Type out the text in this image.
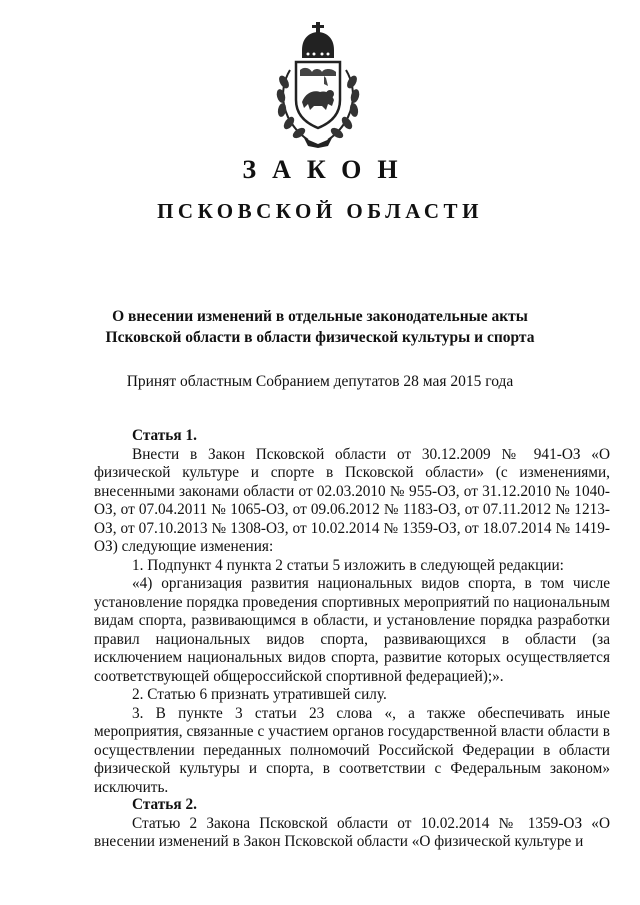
ЗАКОН
ПСКОВСКОЙ ОБЛАСТИ
О внесении изменений в отдельные законодательные акты
Псковской области в области физической культуры и спорта
Принят областным Собранием депутатов 28 мая 2015 года

Статья 1.

Внести в Закон Псковской области от 30.12.2009 № 941-ОЗ «О физической культуре и спорте в Псковской области» (с изменениями, внесенными законами области от 02.03.2010 № 955-ОЗ, от 31.12.2010 № 1040-ОЗ, от 07.04.2011 № 1065-ОЗ, от 09.06.2012 № 1183-ОЗ, от 07.11.2012 № 1213-ОЗ, от 07.10.2013 № 1308-ОЗ, от 10.02.2014 № 1359-ОЗ, от 18.07.2014 № 1419-ОЗ) следующие изменения:

1. Подпункт 4 пункта 2 статьи 5 изложить в следующей редакции:

«4) организация развития национальных видов спорта, в том числе установление порядка проведения спортивных мероприятий по национальным видам спорта, развивающимся в области, и установление порядка разработки правил национальных видов спорта, развивающихся в области (за исключением национальных видов спорта, развитие которых осуществляется соответствующей общероссийской спортивной федерацией);».

2. Статью 6 признать утратившей силу.

3. В пункте 3 статьи 23 слова «, а также обеспечивать иные мероприятия, связанные с участием органов государственной власти области в осуществлении переданных полномочий Российской Федерации в области физической культуры и спорта, в соответствии с Федеральным законом» исключить.

Статья 2.

Статью 2 Закона Псковской области от 10.02.2014 № 1359-ОЗ «О внесении изменений в Закон Псковской области «О физической культуре и
